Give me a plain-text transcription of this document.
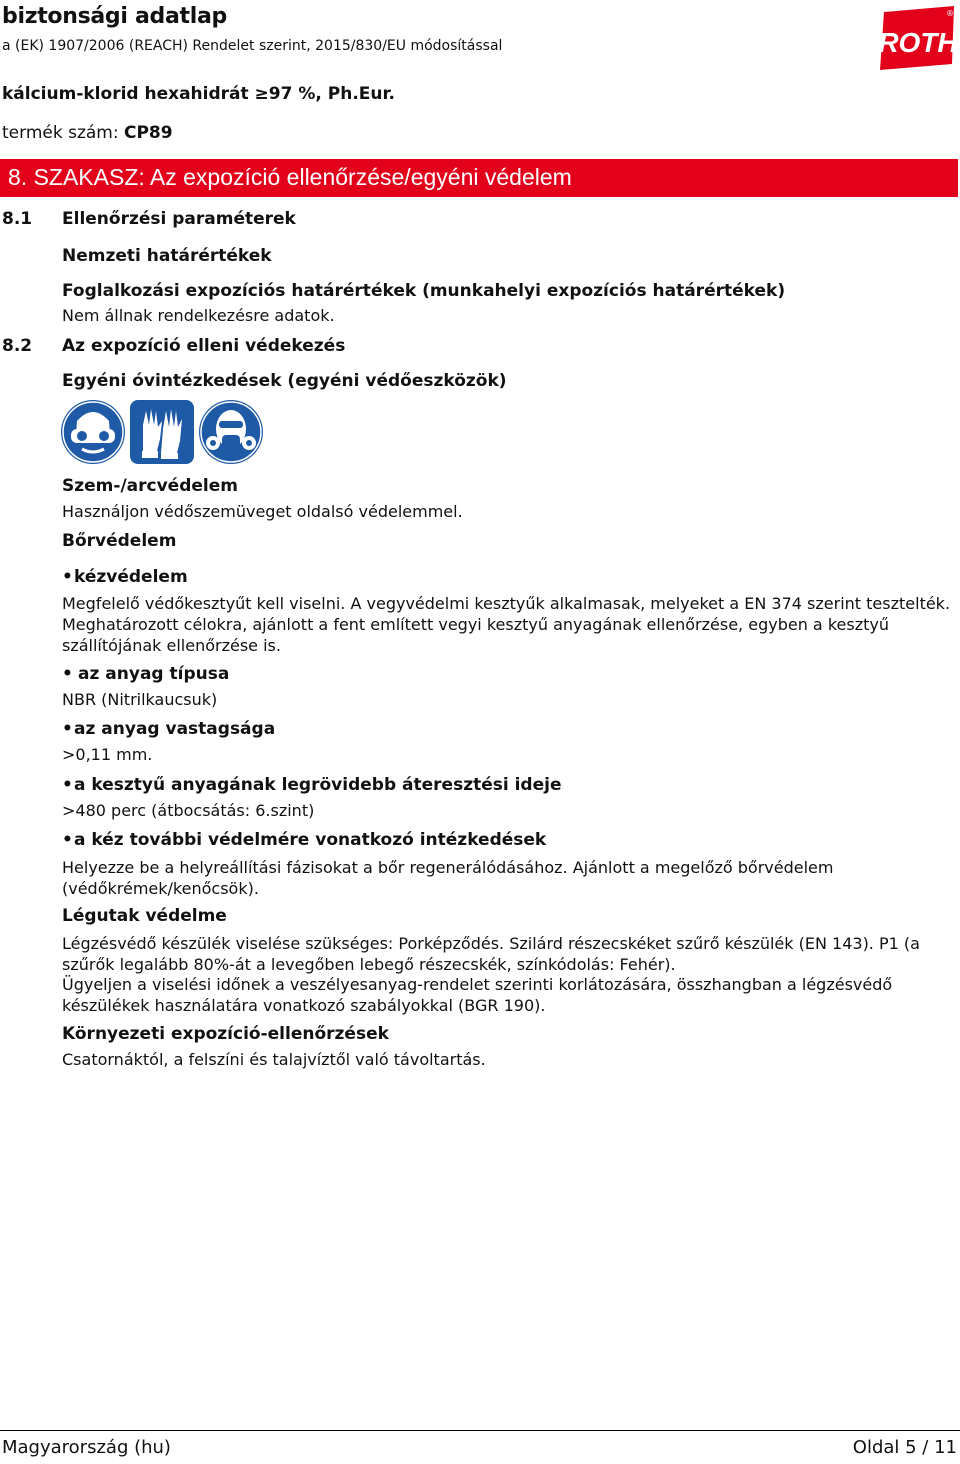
biztonsági adatlap
a (EK) 1907/2006 (REACH) Rendelet szerint, 2015/830/EU módosítással	ROTH
®
kálcium-klorid hexahidrát ≥97 %, Ph.Eur.
termék szám: CP89
8. SZAKASZ: Az expozíció ellenőrzése/egyéni védelem
8.1 Ellenőrzési paraméterek
Nemzeti határértékek
Foglalkozási expozíciós határértékek (munkahelyi expozíciós határértékek)
Nem állnak rendelkezésre adatok.
8.2 Az expozíció elleni védekezés
Egyéni óvintézkedések (egyéni védőeszközök)
Szem-/arcvédelem
Használjon védőszemüveget oldalsó védelemmel.
Bőrvédelem
•kézvédelem
Megfelelő védőkesztyűt kell viselni. A vegyvédelmi kesztyűk alkalmasak, melyeket a EN 374 szerint tesztelték. Meghatározott célokra, ajánlott a fent említett vegyi kesztyű anyagának ellenőrzése, egyben a kesztyű szállítójának ellenőrzése is.
• az anyag típusa
NBR (Nitrilkaucsuk)
•az anyag vastagsága
>0,11 mm.
•a kesztyű anyagának legrövidebb áteresztési ideje
>480 perc (átbocsátás: 6.szint)
•a kéz további védelmére vonatkozó intézkedések
Helyezze be a helyreállítási fázisokat a bőr regenerálódásához. Ajánlott a megelőző bőrvédelem (védőkrémek/kenőcsök).
Légutak védelme
Légzésvédő készülék viselése szükséges: Porképződés. Szilárd részecskéket szűrő készülék (EN 143). P1 (a szűrők legalább 80%-át a levegőben lebegő részecskék, színkódolás: Fehér).
Ügyeljen a viselési időnek a veszélyesanyag-rendelet szerinti korlátozására, összhangban a légzésvédő készülékek használatára vonatkozó szabályokkal (BGR 190).
Környezeti expozíció-ellenőrzések
Csatornáktól, a felszíni és talajvíztől való távoltartás.
Magyarország (hu)	Oldal 5 / 11
